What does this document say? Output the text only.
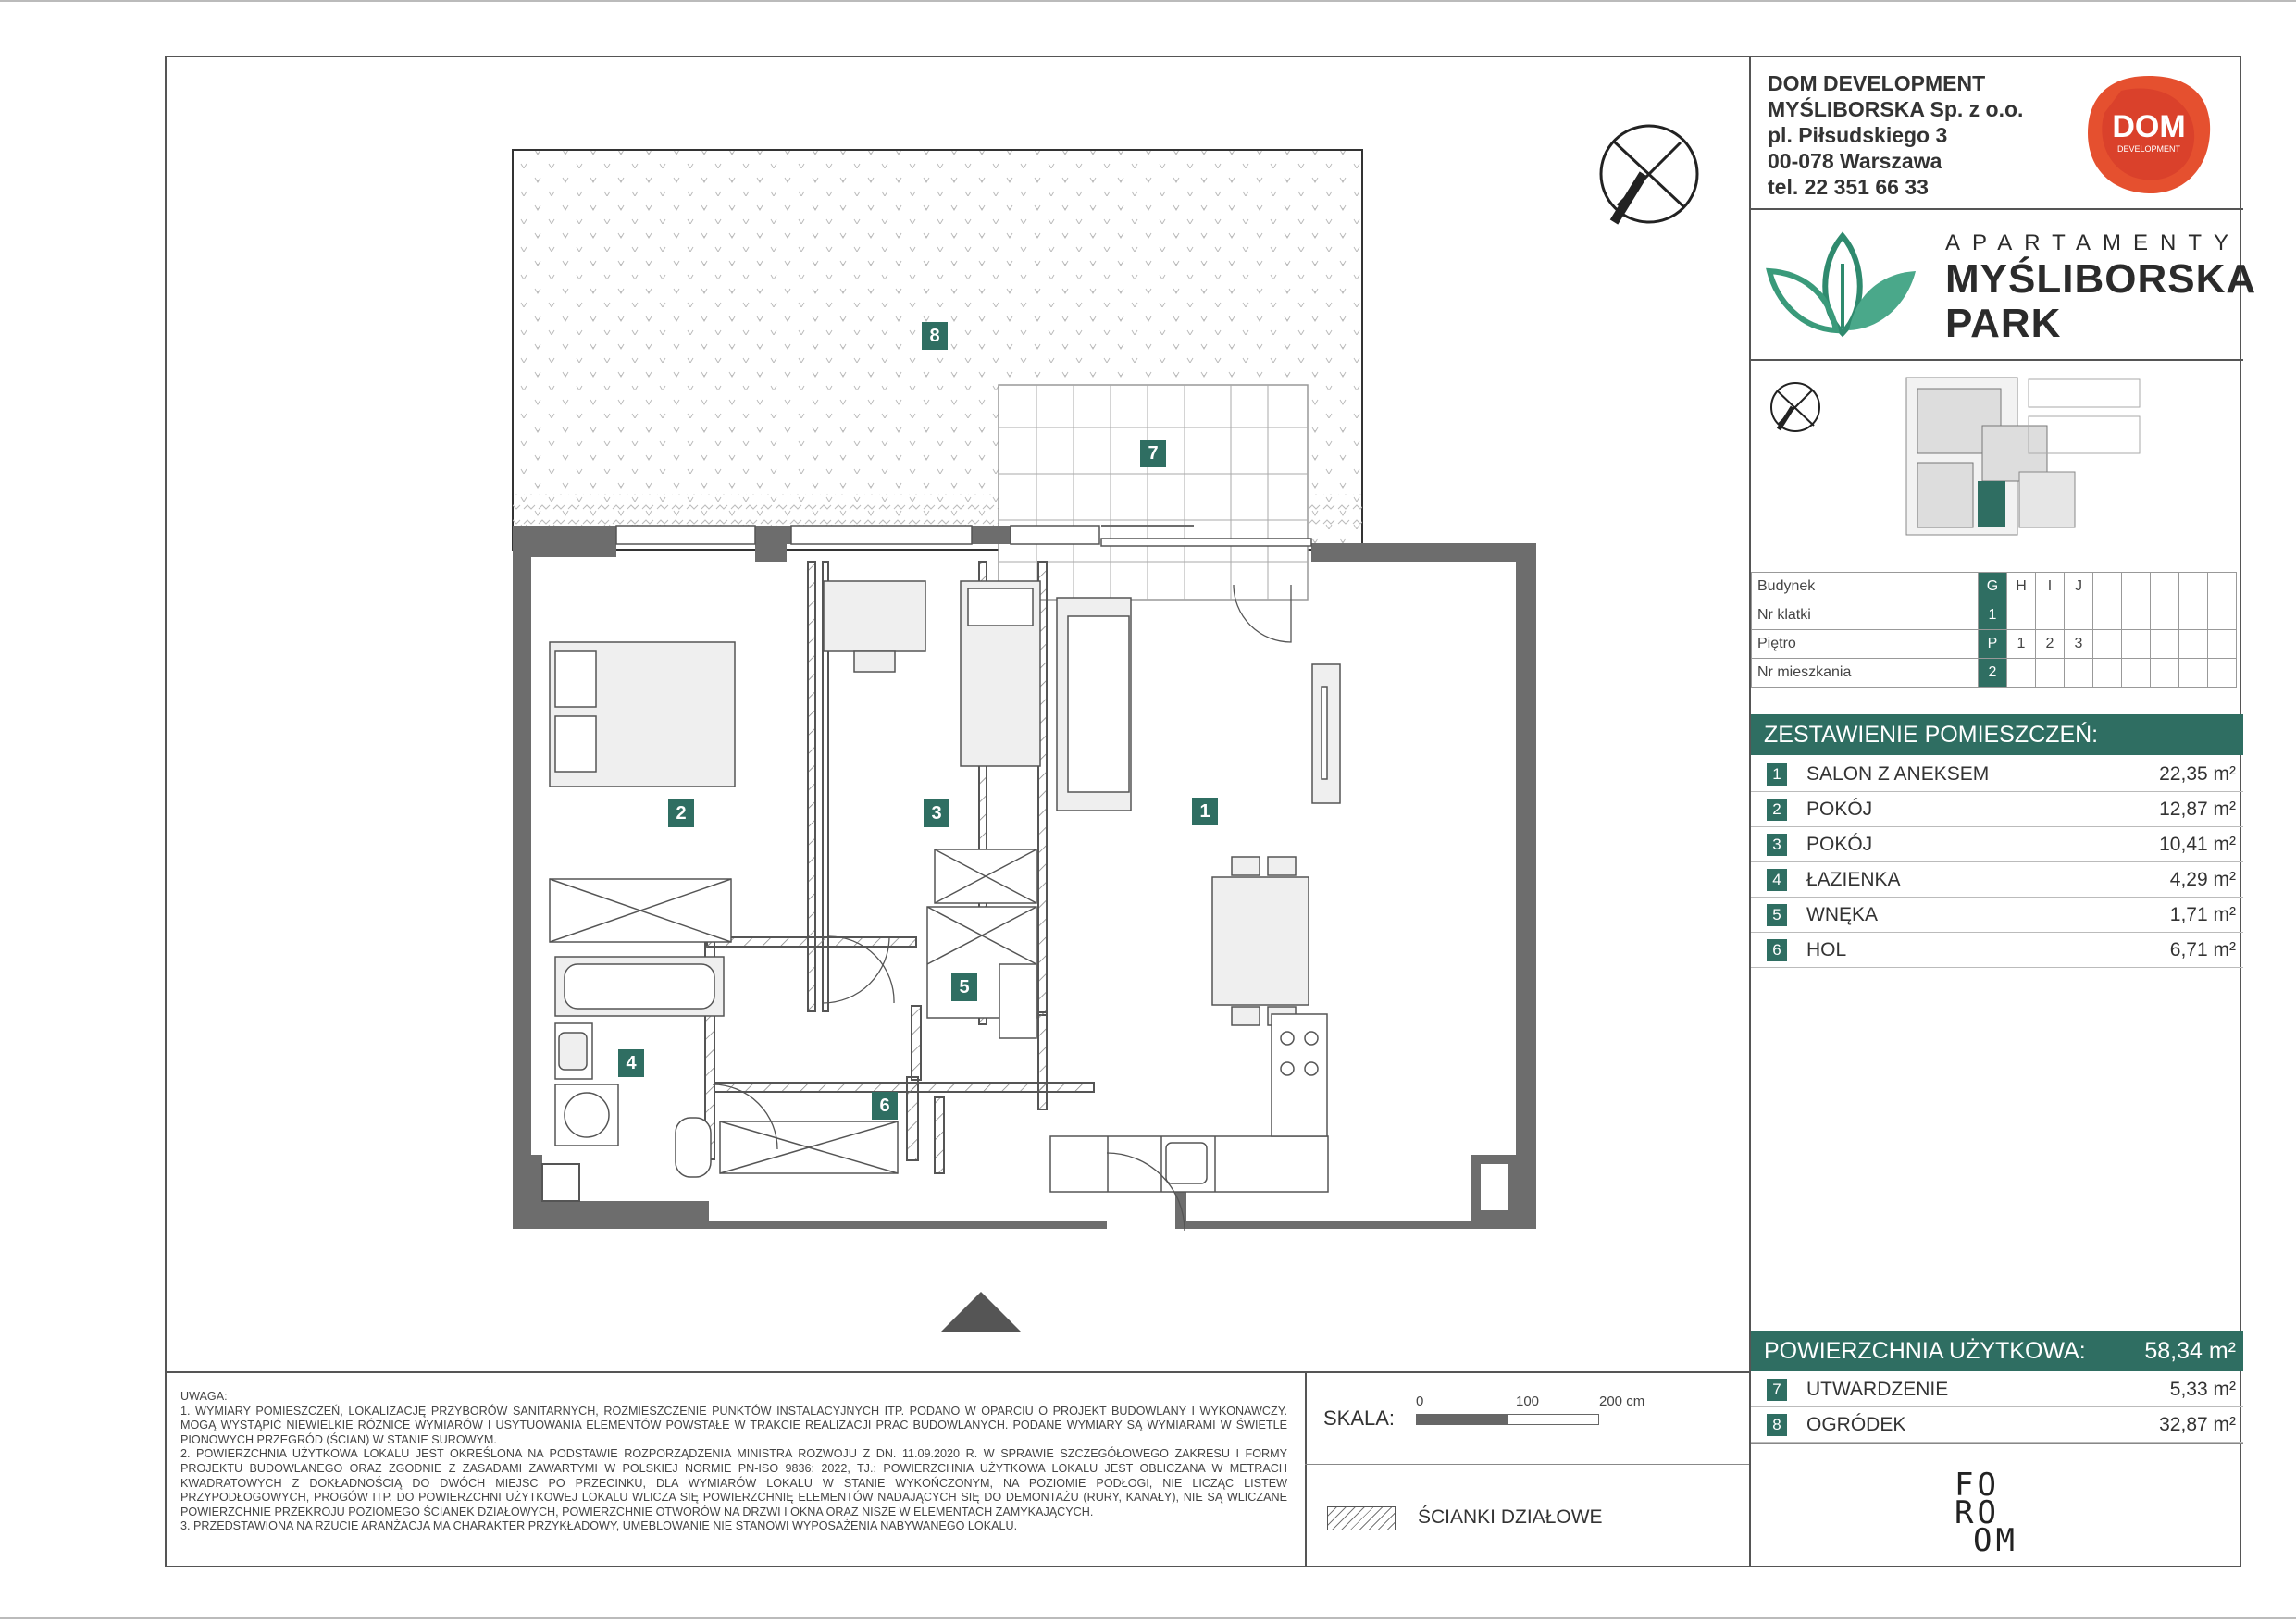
1
2	3
4
5
6
7
8
DOM DEVELOPMENT
MYŚLIBORSKA Sp. z o.o.
pl. Piłsudskiego 3
00-078 Warszawa
tel. 22 351 66 33
DOM
DEVELOPMENT
APARTAMENTY
MYŚLIBORSKA
PARK
Budynek	G	H	I	J					
Nr klatki	1								
Piętro	P	1	2	3					
Nr mieszkania	2								
ZESTAWIENIE POMIESZCZEŃ:
1 SALON Z ANEKSEM	22,35 m²
2 POKÓJ	12,87 m²
3 POKÓJ	10,41 m²
4 ŁAZIENKA	4,29 m²
5 WNĘKA	1,71 m²
6 HOL	6,71 m²
POWIERZCHNIA UŻYTKOWA:	58,34 m²
7 UTWARDZENIE	5,33 m²
8 OGRÓDEK	32,87 m²
FO
RO
OM

UWAGA:

1. WYMIARY POMIESZCZEŃ, LOKALIZACJĘ PRZYBORÓW SANITARNYCH, ROZMIESZCZENIE PUNKTÓW INSTALACYJNYCH ITP. PODANO W OPARCIU O PROJEKT BUDOWLANY I WYKONAWCZY. MOGĄ WYSTĄPIĆ NIEWIELKIE RÓŻNICE WYMIARÓW I USYTUOWANIA ELEMENTÓW POWSTAŁE W TRAKCIE REALIZACJI PRAC BUDOWLANYCH. PODANE WYMIARY SĄ WYMIARAMI W ŚWIETLE PIONOWYCH PRZEGRÓD (ŚCIAN) W STANIE SUROWYM.

2. POWIERZCHNIA UŻYTKOWA LOKALU JEST OKREŚLONA NA PODSTAWIE ROZPORZĄDZENIA MINISTRA ROZWOJU Z DN. 11.09.2020 R. W SPRAWIE SZCZEGÓŁOWEGO ZAKRESU I FORMY PROJEKTU BUDOWLANEGO ORAZ ZGODNIE Z ZASADAMI ZAWARTYMI W POLSKIEJ NORMIE PN-ISO 9836: 2022, TJ.: POWIERZCHNIA UŻYTKOWA LOKALU JEST OBLICZANA W METRACH KWADRATOWYCH Z DOKŁADNOŚCIĄ DO DWÓCH MIEJSC PO PRZECINKU, DLA WYMIARÓW LOKALU W STANIE WYKOŃCZONYM, NA POZIOMIE PODŁOGI, NIE LICZĄC LISTEW PRZYPODŁOGOWYCH, PROGÓW ITP. DO POWIERZCHNI UŻYTKOWEJ LOKALU WLICZA SIĘ POWIERZCHNIĘ ELEMENTÓW NADAJĄCYCH SIĘ DO DEMONTAŻU (RURY, KANAŁY), NIE SĄ WLICZANE POWIERZCHNIE PRZEKROJU POZIOMEGO ŚCIANEK DZIAŁOWYCH, POWIERZCHNIE OTWORÓW NA DRZWI I OKNA ORAZ NISZE W ELEMENTACH ZAMYKAJĄCYCH.

3. PRZEDSTAWIONA NA RZUCIE ARANŻACJA MA CHARAKTER PRZYKŁADOWY, UMEBLOWANIE NIE STANOWI WYPOSAŻENIA NABYWANEGO LOKALU.

SKALA:
0	100	200 cm
ŚCIANKI DZIAŁOWE
